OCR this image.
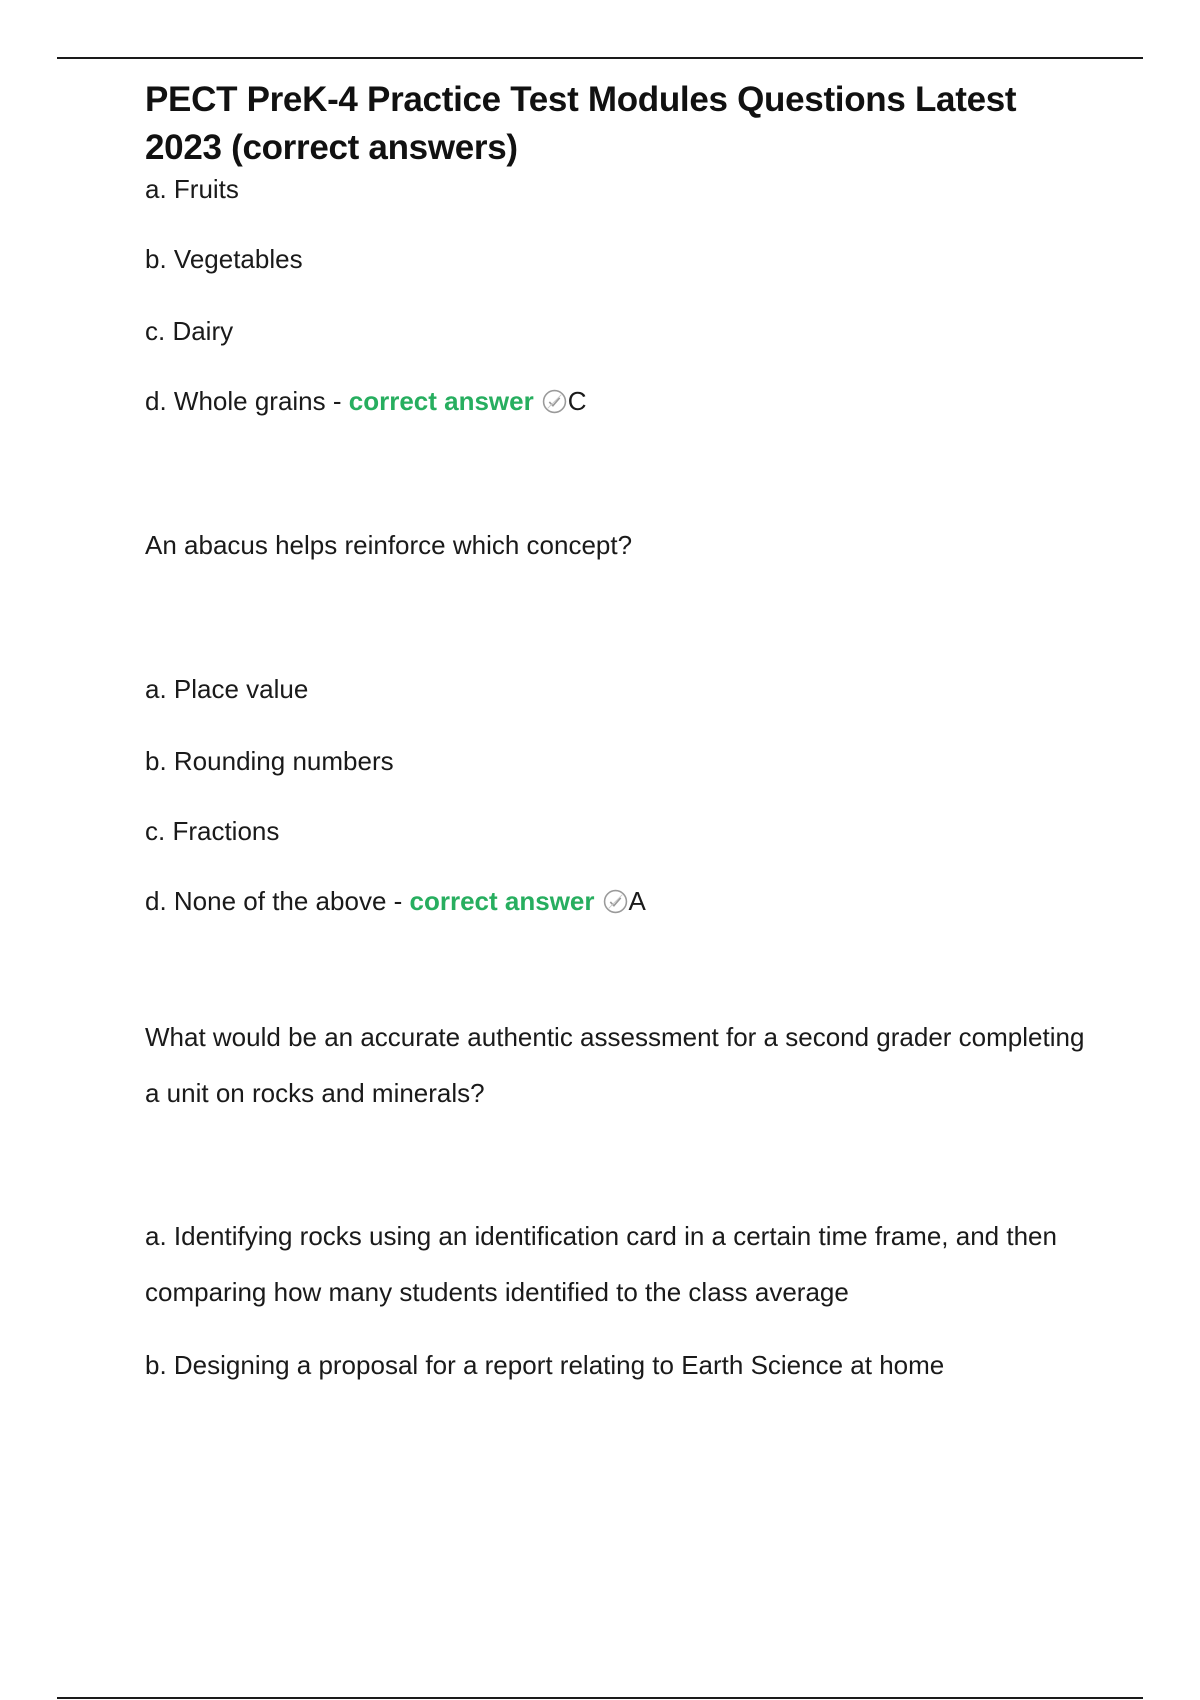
PECT PreK-4 Practice Test Modules Questions Latest 2023 (correct answers)

a. Fruits

b. Vegetables

c. Dairy

d. Whole grains - correct answer C

An abacus helps reinforce which concept?

a. Place value

b. Rounding numbers

c. Fractions

d. None of the above - correct answer A

What would be an accurate authentic assessment for a second grader completing a unit on rocks and minerals?

a. Identifying rocks using an identification card in a certain time frame, and then comparing how many students identified to the class average

b. Designing a proposal for a report relating to Earth Science at home
